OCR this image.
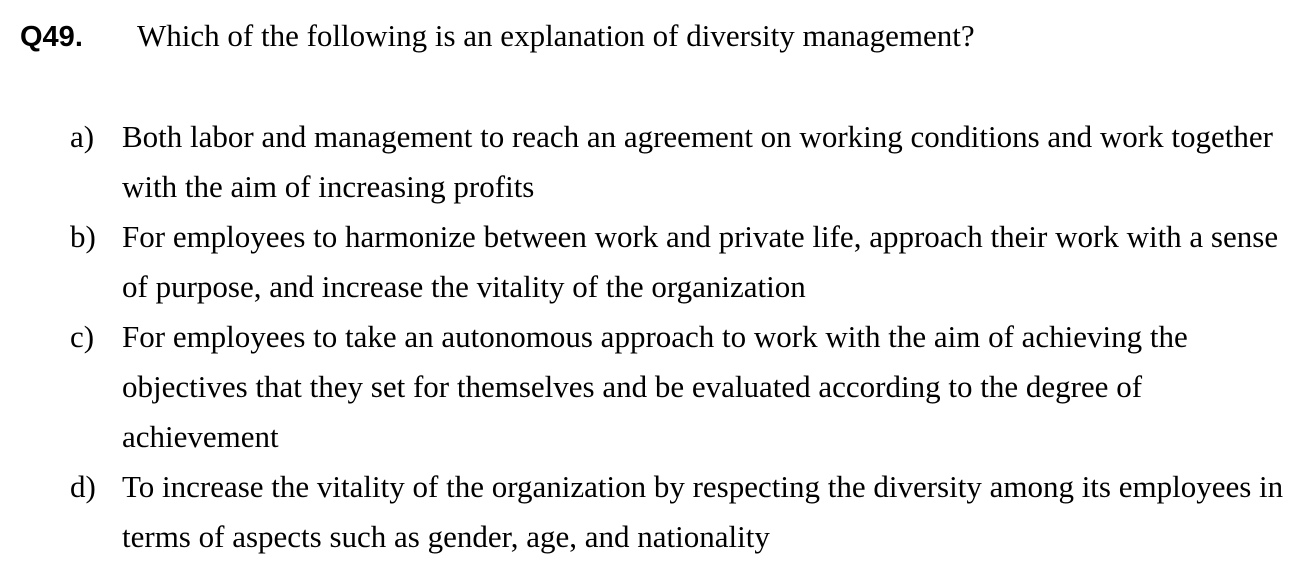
Q49. Which of the following is an explanation of diversity management?
a) Both labor and management to reach an agreement on working conditions and work together with the aim of increasing profits
b) For employees to harmonize between work and private life, approach their work with a sense of purpose, and increase the vitality of the organization
c) For employees to take an autonomous approach to work with the aim of achieving the objectives that they set for themselves and be evaluated according to the degree of achievement
d) To increase the vitality of the organization by respecting the diversity among its employees in terms of aspects such as gender, age, and nationality
